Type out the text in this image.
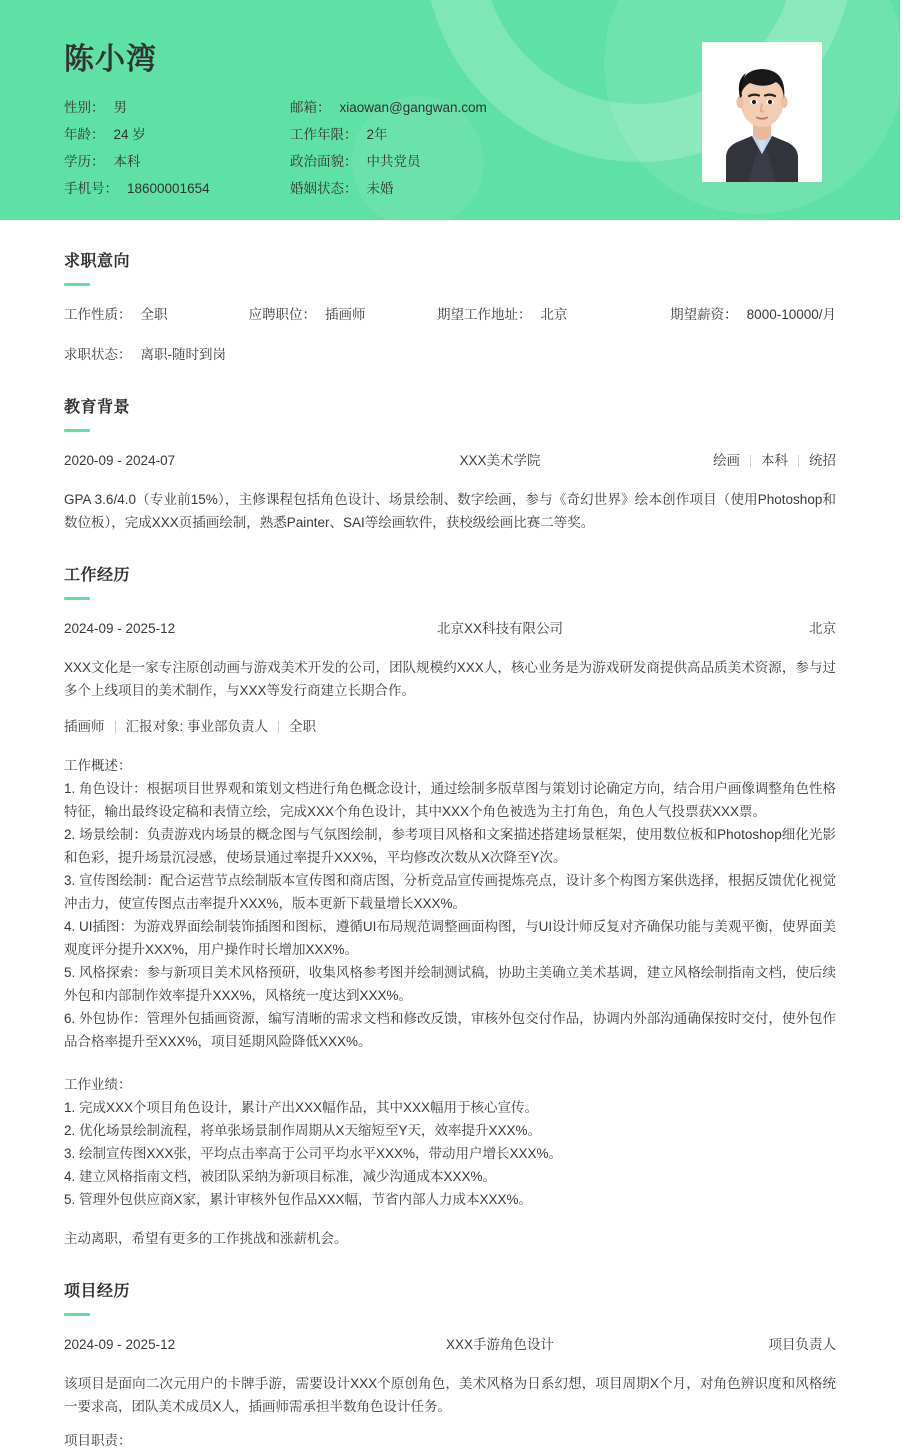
陈小湾
性别： 男	邮箱： xiaowan@gangwan.com
年龄： 24 岁	工作年限： 2年
学历： 本科	政治面貌： 中共党员
手机号： 18600001654	婚姻状态： 未婚
求职意向
工作性质： 全职	应聘职位： 插画师	期望工作地址： 北京	期望薪资： 8000-10000/月
求职状态： 离职-随时到岗
教育背景
2020-09 - 2024-07	XXX美术学院	绘画	本科	统招
GPA 3.6/4.0（专业前15%），主修课程包括角色设计、场景绘制、数字绘画，参与《奇幻世界》绘本创作项目（使用Photoshop和数位板），完成XXX页插画绘制，熟悉Painter、SAI等绘画软件，获校级绘画比赛二等奖。
工作经历
2024-09 - 2025-12	北京XX科技有限公司	北京
XXX文化是一家专注原创动画与游戏美术开发的公司，团队规模约XXX人，核心业务是为游戏研发商提供高品质美术资源，参与过多个上线项目的美术制作，与XXX等发行商建立长期合作。
插画师	汇报对象: 事业部负责人	全职
工作概述：
1. 角色设计：根据项目世界观和策划文档进行角色概念设计，通过绘制多版草图与策划讨论确定方向，结合用户画像调整角色性格特征，输出最终设定稿和表情立绘，完成XXX个角色设计，其中XXX个角色被选为主打角色，角色人气投票获XXX票。
2. 场景绘制：负责游戏内场景的概念图与气氛图绘制，参考项目风格和文案描述搭建场景框架，使用数位板和Photoshop细化光影和色彩，提升场景沉浸感，使场景通过率提升XXX%，平均修改次数从X次降至Y次。
3. 宣传图绘制：配合运营节点绘制版本宣传图和商店图，分析竞品宣传画提炼亮点，设计多个构图方案供选择，根据反馈优化视觉冲击力，使宣传图点击率提升XXX%，版本更新下载量增长XXX%。
4. UI插图：为游戏界面绘制装饰插图和图标，遵循UI布局规范调整画面构图，与UI设计师反复对齐确保功能与美观平衡，使界面美观度评分提升XXX%，用户操作时长增加XXX%。
5. 风格探索：参与新项目美术风格预研，收集风格参考图并绘制测试稿，协助主美确立美术基调，建立风格绘制指南文档，使后续外包和内部制作效率提升XXX%，风格统一度达到XXX%。
6. 外包协作：管理外包插画资源，编写清晰的需求文档和修改反馈，审核外包交付作品，协调内外部沟通确保按时交付，使外包作品合格率提升至XXX%，项目延期风险降低XXX%。
工作业绩：
1. 完成XXX个项目角色设计，累计产出XXX幅作品，其中XXX幅用于核心宣传。
2. 优化场景绘制流程，将单张场景制作周期从X天缩短至Y天，效率提升XXX%。
3. 绘制宣传图XXX张，平均点击率高于公司平均水平XXX%，带动用户增长XXX%。
4. 建立风格指南文档，被团队采纳为新项目标准，减少沟通成本XXX%。
5. 管理外包供应商X家，累计审核外包作品XXX幅，节省内部人力成本XXX%。
主动离职，希望有更多的工作挑战和涨薪机会。
项目经历
2024-09 - 2025-12	XXX手游角色设计	项目负责人
该项目是面向二次元用户的卡牌手游，需要设计XXX个原创角色，美术风格为日系幻想，项目周期X个月，对角色辨识度和风格统一要求高，团队美术成员X人，插画师需承担半数角色设计任务。
项目职责：
